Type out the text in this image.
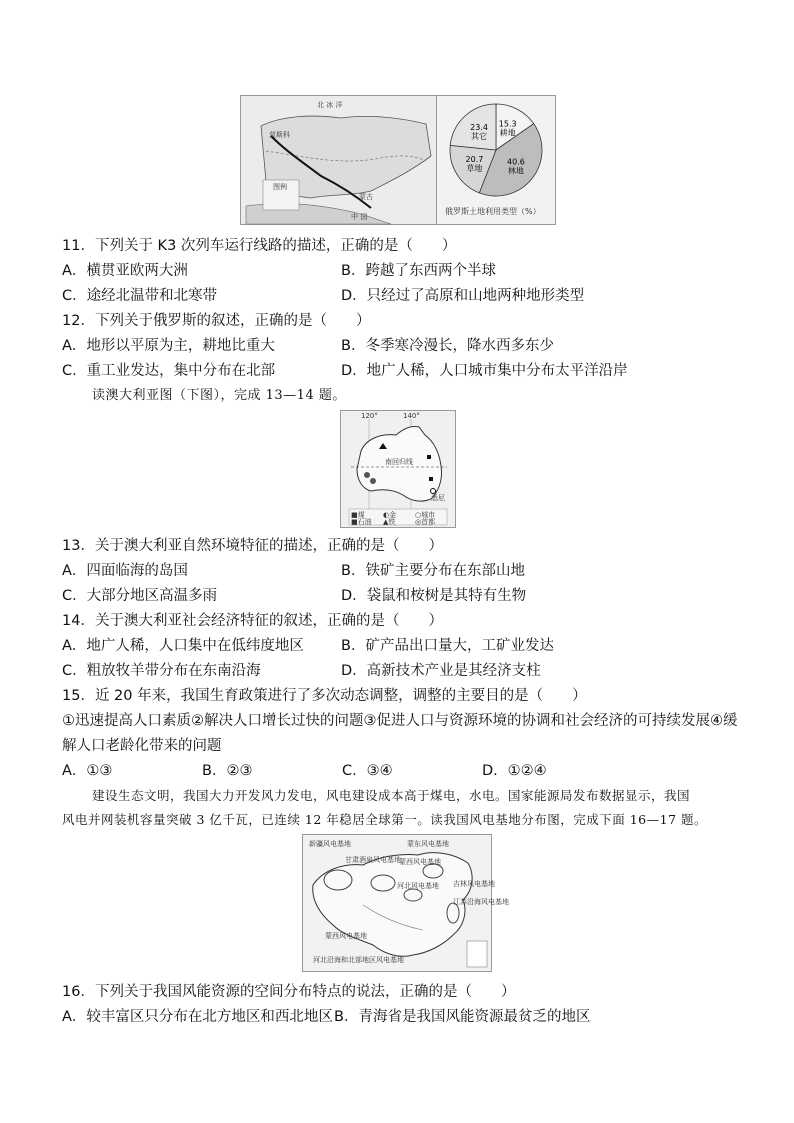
北 冰 洋
图例
莫斯科
蒙古
中 国
15.3
耕地
40.6
林地
20.7
草地
23.4
其它
俄罗斯土地利用类型（%）
11．下列关于 K3 次列车运行线路的描述，正确的是（　　）
A．横贯亚欧两大洲	B．跨越了东西两个半球
C．途经北温带和北寒带	D．只经过了高原和山地两种地形类型
12．下列关于俄罗斯的叙述，正确的是（　　）
A．地形以平原为主，耕地比重大	B．冬季寒冷漫长，降水西多东少
C．重工业发达，集中分布在北部	D．地广人稀，人口城市集中分布太平洋沿岸
读澳大利亚图（下图），完成 13—14 题。
120°	140°
南回归线
悉尼
■煤	◐金	○城市
■石油 ▲铁	◎首都
13．关于澳大利亚自然环境特征的描述，正确的是（　　）
A．四面临海的岛国	B．铁矿主要分布在东部山地
C．大部分地区高温多雨	D．袋鼠和桉树是其特有生物
14．关于澳大利亚社会经济特征的叙述，正确的是（　　）
A．地广人稀，人口集中在低纬度地区	B．矿产品出口量大，工矿业发达
C．粗放牧羊带分布在东南沿海	D．高新技术产业是其经济支柱
15．近 20 年来，我国生育政策进行了多次动态调整，调整的主要目的是（　　）
①迅速提高人口素质②解决人口增长过快的问题③促进人口与资源环境的协调和社会经济的可持续发展④缓
解人口老龄化带来的问题
A．①③	B．②③	C．③④	D．①②④
建设生态文明，我国大力开发风力发电，风电建设成本高于煤电，水电。国家能源局发布数据显示，我国
风电并网装机容量突破 3 亿千瓦，已连续 12 年稳居全球第一。读我国风电基地分布图，完成下面 16—17 题。
新疆风电基地	蒙东风电基地
甘肃酒泉风电基地
蒙西风电基地
江苏沿海风电基地
河北风电基地 吉林风电基地
河北沿海和北部地区风电基地
蒙西风电基地
16．下列关于我国风能资源的空间分布特点的说法，正确的是（　　）
A．较丰富区只分布在北方地区和西北地区 B．青海省是我国风能资源最贫乏的地区
